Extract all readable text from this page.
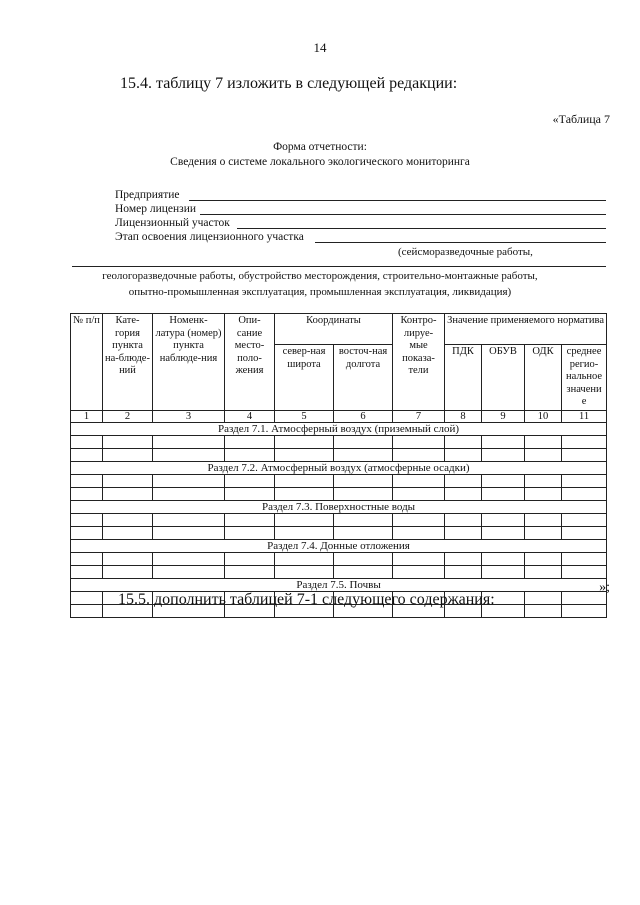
14
15.4. таблицу 7 изложить в следующей редакции:
«Таблица 7
Форма отчетности:
Сведения о системе локального экологического мониторинга
Предприятие
Номер лицензии
Лицензионный участок
Этап освоения лицензионного участка
(сейсморазведочные работы,
геологоразведочные работы, обустройство месторождения, строительно-монтажные работы,
опытно-промышленная эксплуатация, промышленная эксплуатация, ликвидация)
№ п/п	Кате-гория пункта на-блюде-ний	Номенк-латура (номер) пункта наблюде-ния	Опи-сание место-поло-жения	Координаты		Контро-лируе-мые показа-тели	Значение применяемого норматива			
				север-ная широта	восточ-ная долгота		ПДК	ОБУВ	ОДК	среднее регио-нальное значени е
1	2	3	4	5	6	7	8	9	10	11
Раздел 7.1. Атмосферный воздух (приземный слой)										

Раздел 7.2. Атмосферный воздух (атмосферные осадки)										

Раздел 7.3. Поверхностные воды										

Раздел 7.4. Донные отложения										

Раздел 7.5. Почвы										

											»;
15.5. дополнить таблицей 7-1 следующего содержания:
